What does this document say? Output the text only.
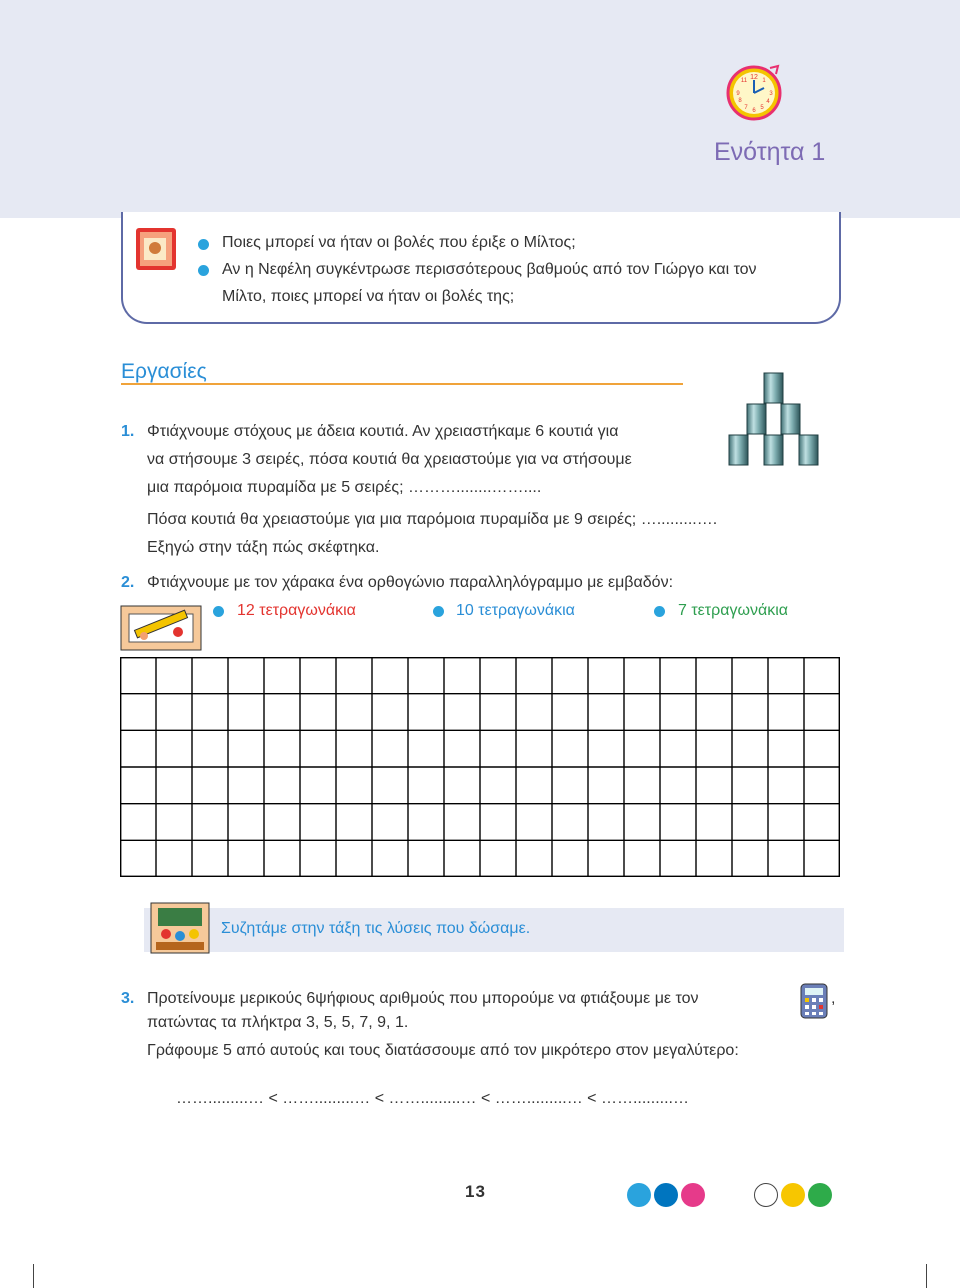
12 1
3
4
5
6
7
8
9
11
Ενότητα 1
Ποιες μπορεί να ήταν οι βολές που έριξε ο Μίλτος;
Αν η Νεφέλη συγκέντρωσε περισσότερους βαθμούς από τον Γιώργο και τον
Μίλτο, ποιες μπορεί να ήταν οι βολές της;
Εργασίες
1. Φτιάχνουμε στόχους με άδεια κουτιά. Αν χρειαστήκαμε 6 κουτιά για
να στήσουμε 3 σειρές, πόσα κουτιά θα χρειαστούμε για να στήσουμε
μια παρόμοια πυραμίδα με 5 σειρές; ………........……....
Πόσα κουτιά θα χρειαστούμε για μια παρόμοια πυραμίδα με 9 σειρές; ….........….
Εξηγώ στην τάξη πώς σκέφτηκα.
2. Φτιάχνουμε με τον χάρακα ένα ορθογώνιο παραλληλόγραμμο με εμβαδόν:
12 τετραγωνάκια	10 τετραγωνάκια	7 τετραγωνάκια
Συζητάμε στην τάξη τις λύσεις που δώσαμε.
3. Προτείνουμε μερικούς 6ψήφιους αριθμούς που μπορούμε να φτιάξουμε με τον	,
πατώντας τα πλήκτρα 3, 5, 5, 7, 9, 1.
Γράφουμε 5 από αυτούς και τους διατάσσουμε από τον μικρότερο στον μεγαλύτερο:
…….........… < …….........… < …….........… < …….........… < …….........…
13
